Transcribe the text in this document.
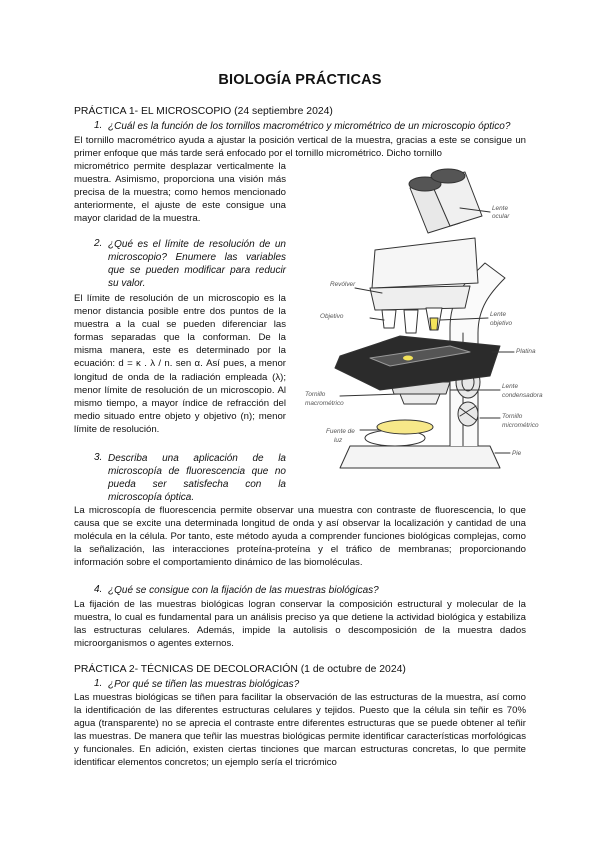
BIOLOGÍA PRÁCTICAS

PRÁCTICA 1- EL MICROSCOPIO (24 septiembre 2024)

1. ¿Cuál es la función de los tornillos macrométrico y micrométrico de un microscopio óptico?

El tornillo macrométrico ayuda a ajustar la posición vertical de la muestra, gracias a este se consigue un primer enfoque que más tarde será enfocado por el tornillo micrométrico. Dicho tornillo

micrométrico permite desplazar verticalmente la muestra. Asimismo, proporciona una visión más precisa de la muestra; como hemos mencionado anteriormente, el ajuste de este consigue una mayor claridad de la muestra.

2. ¿Qué es el límite de resolución de un microscopio? Enumere las variables que se pueden modificar para reducir su valor.

El límite de resolución de un microscopio es la menor distancia posible entre dos puntos de la muestra a la cual se pueden diferenciar las formas separadas que la conforman. De la misma manera, este es determinado por la ecuación: d = κ . λ / n. sen α. Así pues, a menor longitud de onda de la radiación empleada (λ); menor límite de resolución de un microscopio. Al mismo tiempo, a mayor índice de refracción del medio situado entre objeto y objetivo (n); menor límite de resolución.

3. Describa una aplicación de la microscopía de fluorescencia que no pueda ser satisfecha con la microscopía óptica.

La microscopía de fluorescencia permite observar una muestra con contraste de fluorescencia, lo que causa que se excite una determinada longitud de onda y así observar la localización y cantidad de una molécula en la célula. Por tanto, este método ayuda a comprender funciones biológicas complejas, como la señalización, las interacciones proteína-proteína y el tráfico de membranas; proporcionando información sobre el comportamiento dinámico de las biomoléculas.

4. ¿Qué se consigue con la fijación de las muestras biológicas?

La fijación de las muestras biológicas logran conservar la composición estructural y molecular de la muestra, lo cual es fundamental para un análisis preciso ya que detiene la actividad biológica y estabiliza las estructuras celulares. Además, impide la autolisis o descomposición de la muestra dados microorganismos o agentes externos.

PRÁCTICA 2- TÉCNICAS DE DECOLORACIÓN (1 de octubre de 2024)

1. ¿Por qué se tiñen las muestras biológicas?

Las muestras biológicas se tiñen para facilitar la observación de las estructuras de la muestra, así como la identificación de las diferentes estructuras celulares y tejidos. Puesto que la célula sin teñir es 70% agua (transparente) no se aprecia el contraste entre diferentes estructuras que se puede obtener al teñir las muestras. De manera que teñir las muestras biológicas permite identificar características morfológicas y funcionales. En adición, existen ciertas tinciones que marcan estructuras concretas, lo que permite identificar elementos concretos; un ejemplo sería el tricrómico

Lente
ocular
Revólver
Objetivo	Lente
objetivo
Platina
Lente
condensadora
Tornillo
macrométrico
Tornillo
micrométrico
Fuente de
luz
Pie
